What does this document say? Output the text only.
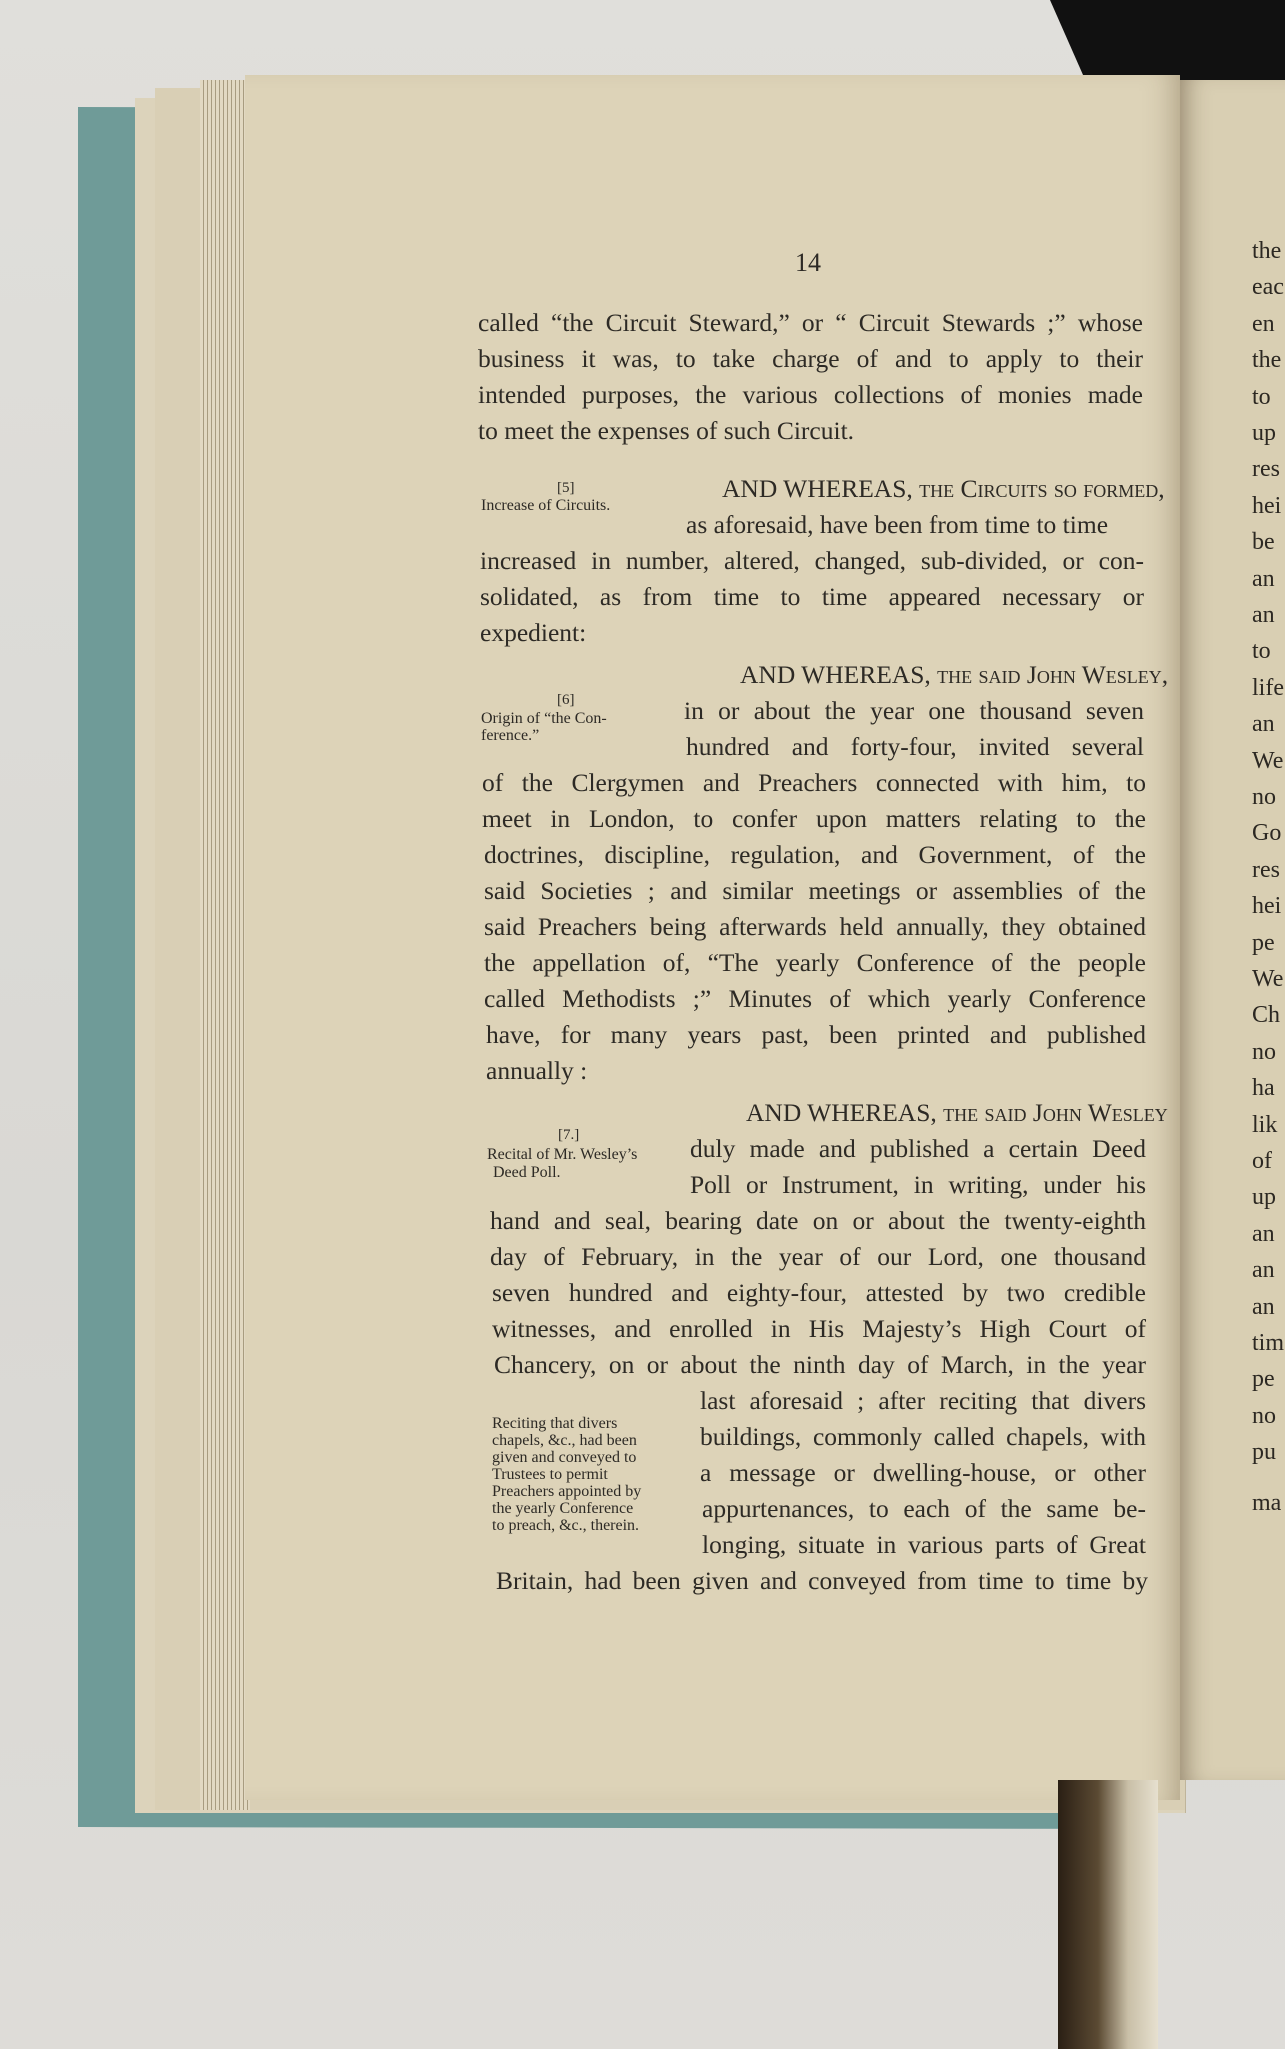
the
eac
en
the
to
up
res
hei
be
an
an
to
life
an
We
no
Go
res
hei
pe
We
Ch
no
ha
lik
of
up
an
an
an
tim
pe
no
pu
ma
14
called “the Circuit Steward,” or “ Circuit Stewards ;” whose
business it was, to take charge of and to apply to their
intended purposes, the various collections of monies made
to meet the expenses of such Circuit.
AND WHEREAS, the Circuits so formed,
as aforesaid, have been from time to time
increased in number, altered, changed, sub-divided, or con-
solidated, as from time to time appeared necessary or
expedient:
AND WHEREAS, the said John Wesley,
in or about the year one thousand seven
hundred and forty-four, invited several
of the Clergymen and Preachers connected with him, to
meet in London, to confer upon matters relating to the
doctrines, discipline, regulation, and Government, of the
said Societies ; and similar meetings or assemblies of the
said Preachers being afterwards held annually, they obtained
the appellation of, “The yearly Conference of the people
called Methodists ;” Minutes of which yearly Conference
have, for many years past, been printed and published
annually :
AND WHEREAS, the said John Wesley
duly made and published a certain Deed
Poll or Instrument, in writing, under his
hand and seal, bearing date on or about the twenty-eighth
day of February, in the year of our Lord, one thousand
seven hundred and eighty-four, attested by two credible
witnesses, and enrolled in His Majesty’s High Court of
Chancery, on or about the ninth day of March, in the year
last aforesaid ; after reciting that divers
buildings, commonly called chapels, with
a message or dwelling-house, or other
appurtenances, to each of the same be-
longing, situate in various parts of Great
Britain, had been given and conveyed from time to time by
[5]
Increase of Circuits.
[6]
Origin of “the Con-
ference.”
[7.]
Recital of Mr. Wesley’s
Deed Poll.
Reciting that divers
chapels, &c., had been
given and conveyed to
Trustees to permit
Preachers appointed by
the yearly Conference
to preach, &c., therein.
